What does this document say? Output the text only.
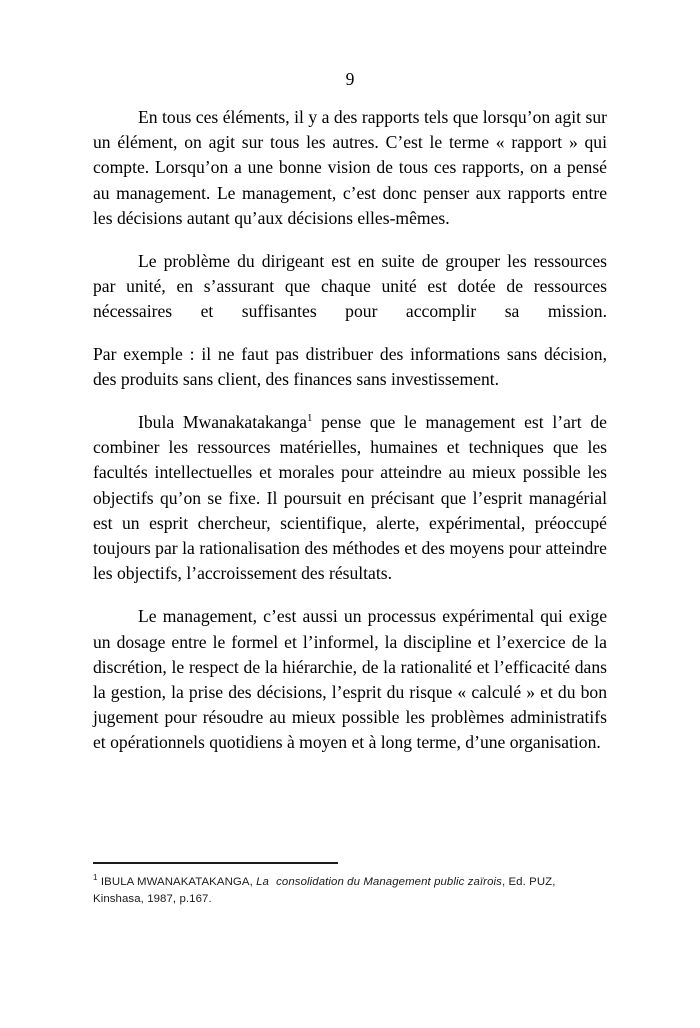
9

En tous ces éléments, il y a des rapports tels que lorsqu’on agit sur un élément, on agit sur tous les autres. C’est le terme « rapport » qui compte. Lorsqu’on a une bonne vision de tous ces rapports, on a pensé au management. Le management, c’est donc penser aux rapports entre les décisions autant qu’aux décisions elles-mêmes.

Le problème du dirigeant est en suite de grouper les ressources par unité, en s’assurant que chaque unité est dotée de ressources nécessaires et suffisantes pour accomplir sa mission.

Par exemple : il ne faut pas distribuer des informations sans décision, des produits sans client, des finances sans investissement.

Ibula Mwanakatakanga$^1$ pense que le management est l’art de combiner les ressources matérielles, humaines et techniques que les facultés intellectuelles et morales pour atteindre au mieux possible les objectifs qu’on se fixe. Il poursuit en précisant que l’esprit managérial est un esprit chercheur, scientifique, alerte, expérimental, préoccupé toujours par la rationalisation des méthodes et des moyens pour atteindre les objectifs, l’accroissement des résultats.

Le management, c’est aussi un processus expérimental qui exige un dosage entre le formel et l’informel, la discipline et l’exercice de la discrétion, le respect de la hiérarchie, de la rationalité et l’efficacité dans la gestion, la prise des décisions, l’esprit du risque « calculé » et du bon jugement pour résoudre au mieux possible les problèmes administratifs et opérationnels quotidiens à moyen et à long terme, d’une organisation.

$^1$ IBULA MWANAKATAKANGA, La consolidation du Management public zaïrois, Ed. PUZ, Kinshasa, 1987, p.167.
